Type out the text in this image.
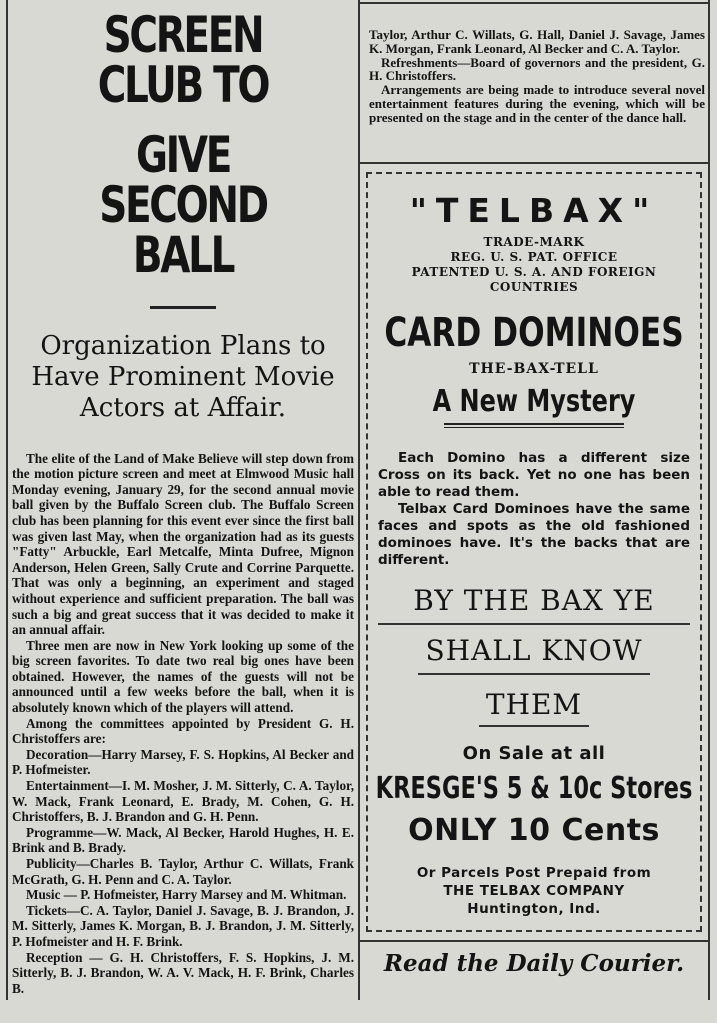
SCREEN CLUB TO
GIVE SECOND BALL
Organization Plans to Have Prominent Movie Actors at Affair.

The elite of the Land of Make Believe will step down from the motion picture screen and meet at Elmwood Music hall Monday evening, January 29, for the second annual movie ball given by the Buffalo Screen club. The Buffalo Screen club has been planning for this event ever since the first ball was given last May, when the organization had as its guests "Fatty" Arbuckle, Earl Metcalfe, Minta Dufree, Mignon Anderson, Helen Green, Sally Crute and Corrine Parquette. That was only a beginning, an experiment and staged without experience and sufficient preparation. The ball was such a big and great success that it was decided to make it an annual affair.

Three men are now in New York looking up some of the big screen favorites. To date two real big ones have been obtained. However, the names of the guests will not be announced until a few weeks before the ball, when it is absolutely known which of the players will attend.

Among the committees appointed by President G. H. Christoffers are:

Decoration—Harry Marsey, F. S. Hopkins, Al Becker and P. Hofmeister.

Entertainment—I. M. Mosher, J. M. Sitterly, C. A. Taylor, W. Mack, Frank Leonard, E. Brady, M. Cohen, G. H. Christoffers, B. J. Brandon and G. H. Penn.

Programme—W. Mack, Al Becker, Harold Hughes, H. E. Brink and B. Brady.

Publicity—Charles B. Taylor, Arthur C. Willats, Frank McGrath, G. H. Penn and C. A. Taylor.

Music — P. Hofmeister, Harry Marsey and M. Whitman.

Tickets—C. A. Taylor, Daniel J. Savage, B. J. Brandon, J. M. Sitterly, James K. Morgan, B. J. Brandon, J. M. Sitterly, P. Hofmeister and H. F. Brink.

Reception — G. H. Christoffers, F. S. Hopkins, J. M. Sitterly, B. J. Brandon, W. A. V. Mack, H. F. Brink, Charles B.

Taylor, Arthur C. Willats, G. Hall, Daniel J. Savage, James K. Morgan, Frank Leonard, Al Becker and C. A. Taylor.

Refreshments—Board of governors and the president, G. H. Christoffers.

Arrangements are being made to introduce several novel entertainment features during the evening, which will be presented on the stage and in the center of the dance hall.

"TELBAX"
TRADE-MARK
REG. U. S. PAT. OFFICE
PATENTED U. S. A. AND FOREIGN
COUNTRIES
CARD DOMINOES
THE-BAX-TELL
A New Mystery

Each Domino has a different size Cross on its back. Yet no one has been able to read them.

Telbax Card Dominoes have the same faces and spots as the old fashioned dominoes have. It's the backs that are different.

BY THE BAX YE
SHALL KNOW
THEM
On Sale at all
KRESGE'S 5 & 10c Stores
ONLY 10 Cents
Or Parcels Post Prepaid from
THE TELBAX COMPANY
Huntington, Ind.
Read the Daily Courier.
